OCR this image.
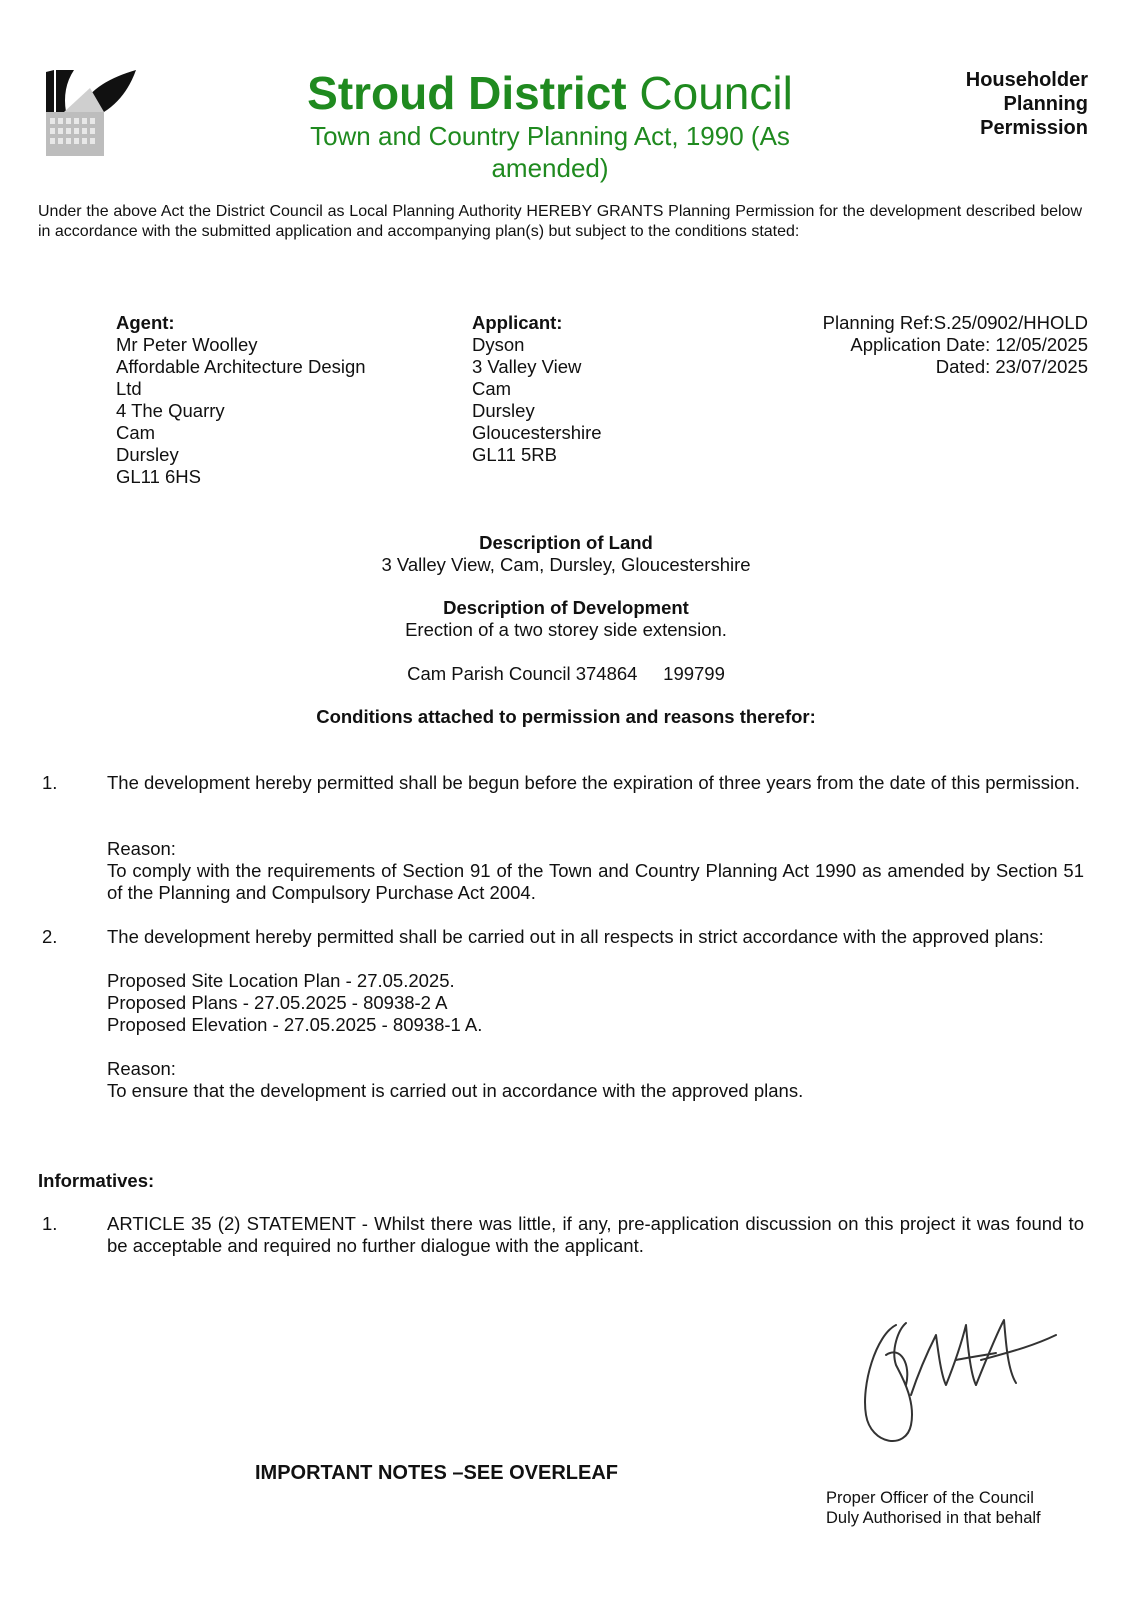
Stroud District Council
Town and Country Planning Act, 1990 (As amended)
Householder
Planning
Permission
Under the above Act the District Council as Local Planning Authority HEREBY GRANTS Planning Permission for the development described below in accordance with the submitted application and accompanying plan(s) but subject to the conditions stated:
Agent:
Mr Peter Woolley
Affordable Architecture Design
Ltd
4 The Quarry
Cam
Dursley
GL11 6HS
Applicant:
Dyson
3 Valley View
Cam
Dursley
Gloucestershire
GL11 5RB
Planning Ref:S.25/0902/HHOLD
Application Date: 12/05/2025
Dated: 23/07/2025
Description of Land
3 Valley View, Cam, Dursley, Gloucestershire
Description of Development
Erection of a two storey side extension.
Cam Parish Council 374864     199799
Conditions attached to permission and reasons therefor:
1.	The development hereby permitted shall be begun before the expiration of three years from the date of this permission.
Reason:
To comply with the requirements of Section 91 of the Town and Country Planning Act 1990 as amended by Section 51 of the Planning and Compulsory Purchase Act 2004.
2.	The development hereby permitted shall be carried out in all respects in strict accordance with the approved plans:
Proposed Site Location Plan - 27.05.2025.
Proposed Plans - 27.05.2025 - 80938-2 A
Proposed Elevation - 27.05.2025 - 80938-1 A.
Reason:
To ensure that the development is carried out in accordance with the approved plans.
Informatives:
1.	ARTICLE 35 (2) STATEMENT - Whilst there was little, if any, pre-application discussion on this project it was found to be acceptable and required no further dialogue with the applicant.
IMPORTANT NOTES –SEE OVERLEAF
Proper Officer of the Council
Duly Authorised in that behalf
